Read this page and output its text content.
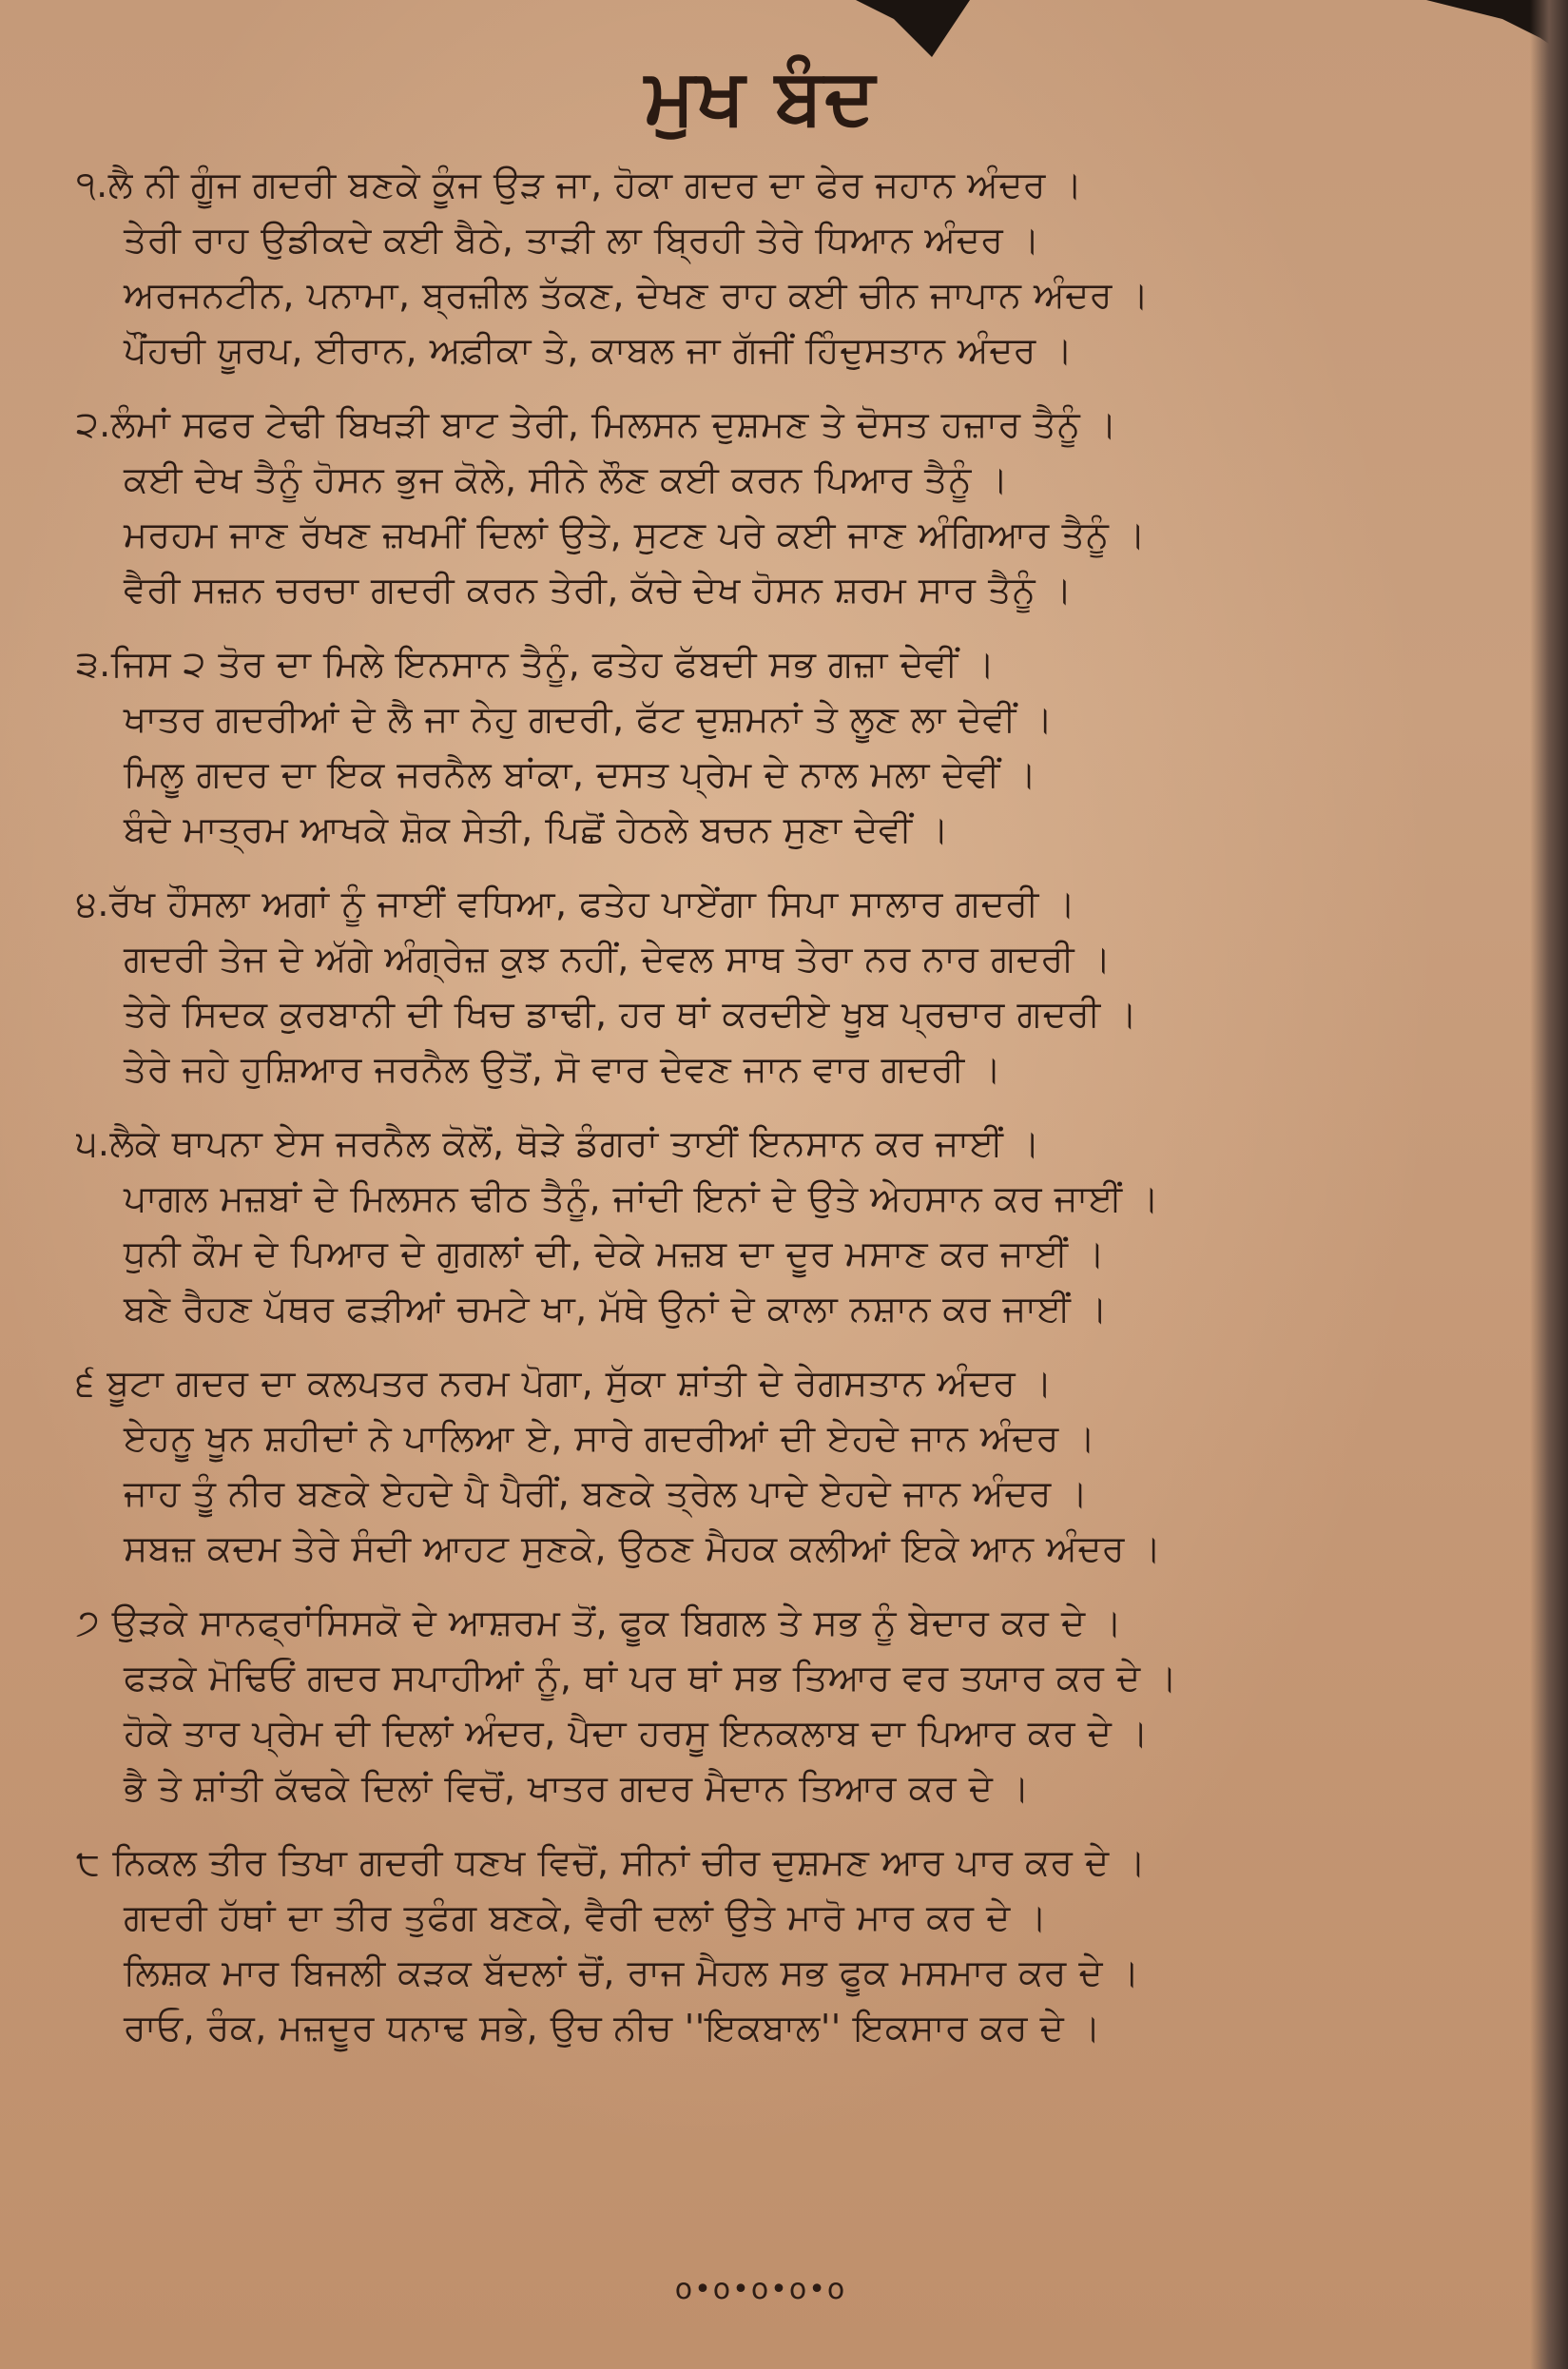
ਮੁਖ ਬੰਦ
੧.ਲੈ ਨੀ ਗੂੰਜ ਗਦਰੀ ਬਣਕੇ ਕੂੰਜ ਉੜ ਜਾ, ਹੋਕਾ ਗਦਰ ਦਾ ਫੇਰ ਜਹਾਨ ਅੰਦਰ ।
ਤੇਰੀ ਰਾਹ ਉਡੀਕਦੇ ਕਈ ਬੈਠੇ, ਤਾੜੀ ਲਾ ਬ੍ਰਿਹੀ ਤੇਰੇ ਧਿਆਨ ਅੰਦਰ ।
ਅਰਜਨਟੀਨ, ਪਨਾਮਾ, ਬ੍ਰਜ਼ੀਲ ਤੱਕਣ, ਦੇਖਣ ਰਾਹ ਕਈ ਚੀਨ ਜਾਪਾਨ ਅੰਦਰ ।
ਪੌਂਹਚੀ ਯੂਰਪ, ਈਰਾਨ, ਅਫ਼ੀਕਾ ਤੇ, ਕਾਬਲ ਜਾ ਗੱਜੀਂ ਹਿੰਦੁਸਤਾਨ ਅੰਦਰ ।
੨.ਲੰਮਾਂ ਸਫਰ ਟੇਢੀ ਬਿਖੜੀ ਬਾਟ ਤੇਰੀ, ਮਿਲਸਨ ਦੁਸ਼ਮਣ ਤੇ ਦੋਸਤ ਹਜ਼ਾਰ ਤੈਨੂੰ ।
ਕਈ ਦੇਖ ਤੈਨੂੰ ਹੋਸਨ ਭੁਜ ਕੋਲੇ, ਸੀਨੇ ਲੌਣ ਕਈ ਕਰਨ ਪਿਆਰ ਤੈਨੂੰ ।
ਮਰਹਮ ਜਾਣ ਰੱਖਣ ਜ਼ਖਮੀਂ ਦਿਲਾਂ ਉਤੇ, ਸੁਟਣ ਪਰੇ ਕਈ ਜਾਣ ਅੰਗਿਆਰ ਤੈਨੂੰ ।
ਵੈਰੀ ਸਜ਼ਨ ਚਰਚਾ ਗਦਰੀ ਕਰਨ ਤੇਰੀ, ਕੱਚੇ ਦੇਖ ਹੋਸਨ ਸ਼ਰਮ ਸਾਰ ਤੈਨੂੰ ।
੩.ਜਿਸ ੨ ਤੋਰ ਦਾ ਮਿਲੇ ਇਨਸਾਨ ਤੈਨੂੰ, ਫਤੇਹ ਫੱਬਦੀ ਸਭ ਗਜ਼ਾ ਦੇਵੀਂ ।
ਖਾਤਰ ਗਦਰੀਆਂ ਦੇ ਲੈ ਜਾ ਨੇਹੁ ਗਦਰੀ, ਫੱਟ ਦੁਸ਼ਮਨਾਂ ਤੇ ਲੂਣ ਲਾ ਦੇਵੀਂ ।
ਮਿਲੂ ਗਦਰ ਦਾ ਇਕ ਜਰਨੈਲ ਬਾਂਕਾ, ਦਸਤ ਪ੍ਰੇਮ ਦੇ ਨਾਲ ਮਲਾ ਦੇਵੀਂ ।
ਬੰਦੇ ਮਾਤ੍ਰਮ ਆਖਕੇ ਸ਼ੋਕ ਸੇਤੀ, ਪਿਛੋਂ ਹੇਠਲੇ ਬਚਨ ਸੁਣਾ ਦੇਵੀਂ ।
੪.ਰੱਖ ਹੌਸਲਾ ਅਗਾਂ ਨੂੰ ਜਾਈਂ ਵਧਿਆ, ਫਤੇਹ ਪਾਏਂਗਾ ਸਿਪਾ ਸਾਲਾਰ ਗਦਰੀ ।
ਗਦਰੀ ਤੇਜ ਦੇ ਅੱਗੇ ਅੰਗ੍ਰੇਜ਼ ਕੁਝ ਨਹੀਂ, ਦੇਵਲ ਸਾਥ ਤੇਰਾ ਨਰ ਨਾਰ ਗਦਰੀ ।
ਤੇਰੇ ਸਿਦਕ ਕੁਰਬਾਨੀ ਦੀ ਖਿਚ ਡਾਢੀ, ਹਰ ਥਾਂ ਕਰਦੀਏ ਖੂਬ ਪ੍ਰਚਾਰ ਗਦਰੀ ।
ਤੇਰੇ ਜਹੇ ਹੁਸ਼ਿਆਰ ਜਰਨੈਲ ਉਤੋਂ, ਸੋ ਵਾਰ ਦੇਵਣ ਜਾਨ ਵਾਰ ਗਦਰੀ ।
੫.ਲੈਕੇ ਥਾਪਨਾ ਏਸ ਜਰਨੈਲ ਕੋਲੋਂ, ਥੋੜੇ ਡੰਗਰਾਂ ਤਾਈਂ ਇਨਸਾਨ ਕਰ ਜਾਈਂ ।
ਪਾਗਲ ਮਜ਼ਬਾਂ ਦੇ ਮਿਲਸਨ ਢੀਠ ਤੈਨੂੰ, ਜਾਂਦੀ ਇਨਾਂ ਦੇ ਉਤੇ ਅੇਹਸਾਨ ਕਰ ਜਾਈਂ ।
ਧੁਨੀ ਕੌਮ ਦੇ ਪਿਆਰ ਦੇ ਗੁਗਲਾਂ ਦੀ, ਦੇਕੇ ਮਜ਼ਬ ਦਾ ਦੂਰ ਮਸਾਣ ਕਰ ਜਾਈਂ ।
ਬਣੇ ਰੈਹਣ ਪੱਥਰ ਫੜੀਆਂ ਚਮਟੇ ਖਾ, ਮੱਥੇ ਉਨਾਂ ਦੇ ਕਾਲਾ ਨਸ਼ਾਨ ਕਰ ਜਾਈਂ ।
੬ ਬੂਟਾ ਗਦਰ ਦਾ ਕਲਪਤਰ ਨਰਮ ਪੋਗਾ, ਸੁੱਕਾ ਸ਼ਾਂਤੀ ਦੇ ਰੇਗਸਤਾਨ ਅੰਦਰ ।
ਏਹਨੂ ਖੂਨ ਸ਼ਹੀਦਾਂ ਨੇ ਪਾਲਿਆ ਏ, ਸਾਰੇ ਗਦਰੀਆਂ ਦੀ ਏਹਦੇ ਜਾਨ ਅੰਦਰ ।
ਜਾਹ ਤੂੰ ਨੀਰ ਬਣਕੇ ਏਹਦੇ ਪੈ ਪੈਰੀਂ, ਬਣਕੇ ਤ੍ਰੇਲ ਪਾਦੇ ਏਹਦੇ ਜਾਨ ਅੰਦਰ ।
ਸਬਜ਼ ਕਦਮ ਤੇਰੇ ਸੰਦੀ ਆਹਟ ਸੁਣਕੇ, ਉਠਣ ਮੈਹਕ ਕਲੀਆਂ ਇਕੇ ਆਨ ਅੰਦਰ ।
੭ ਉੜਕੇ ਸਾਨਫ੍ਰਾਂਸਿਸਕੋ ਦੇ ਆਸ਼ਰਮ ਤੋਂ, ਫੂਕ ਬਿਗਲ ਤੇ ਸਭ ਨੂੰ ਬੇਦਾਰ ਕਰ ਦੇ ।
ਫੜਕੇ ਮੋਢਿਓਂ ਗਦਰ ਸਪਾਹੀਆਂ ਨੂੰ, ਥਾਂ ਪਰ ਥਾਂ ਸਭ ਤਿਆਰ ਵਰ ਤਯਾਰ ਕਰ ਦੇ ।
ਹੋਕੇ ਤਾਰ ਪ੍ਰੇਮ ਦੀ ਦਿਲਾਂ ਅੰਦਰ, ਪੈਦਾ ਹਰਸੂ ਇਨਕਲਾਬ ਦਾ ਪਿਆਰ ਕਰ ਦੇ ।
ਭੈ ਤੇ ਸ਼ਾਂਤੀ ਕੱਢਕੇ ਦਿਲਾਂ ਵਿਚੋਂ, ਖਾਤਰ ਗਦਰ ਮੈਦਾਨ ਤਿਆਰ ਕਰ ਦੇ ।
੮ ਨਿਕਲ ਤੀਰ ਤਿਖਾ ਗਦਰੀ ਧਣਖ ਵਿਚੋਂ, ਸੀਨਾਂ ਚੀਰ ਦੁਸ਼ਮਣ ਆਰ ਪਾਰ ਕਰ ਦੇ ।
ਗਦਰੀ ਹੱਥਾਂ ਦਾ ਤੀਰ ਤੁਫੰਗ ਬਣਕੇ, ਵੈਰੀ ਦਲਾਂ ਉਤੇ ਮਾਰੋ ਮਾਰ ਕਰ ਦੇ ।
ਲਿਸ਼ਕ ਮਾਰ ਬਿਜਲੀ ਕੜਕ ਬੱਦਲਾਂ ਚੋਂ, ਰਾਜ ਮੈਹਲ ਸਭ ਫੂਕ ਮਸਮਾਰ ਕਰ ਦੇ ।
ਰਾਓ, ਰੰਕ, ਮਜ਼ਦੂਰ ਧਨਾਢ ਸਭੇ, ਉਚ ਨੀਚ ''ਇਕਬਾਲ'' ਇਕਸਾਰ ਕਰ ਦੇ ।
o•o•o•o•o
